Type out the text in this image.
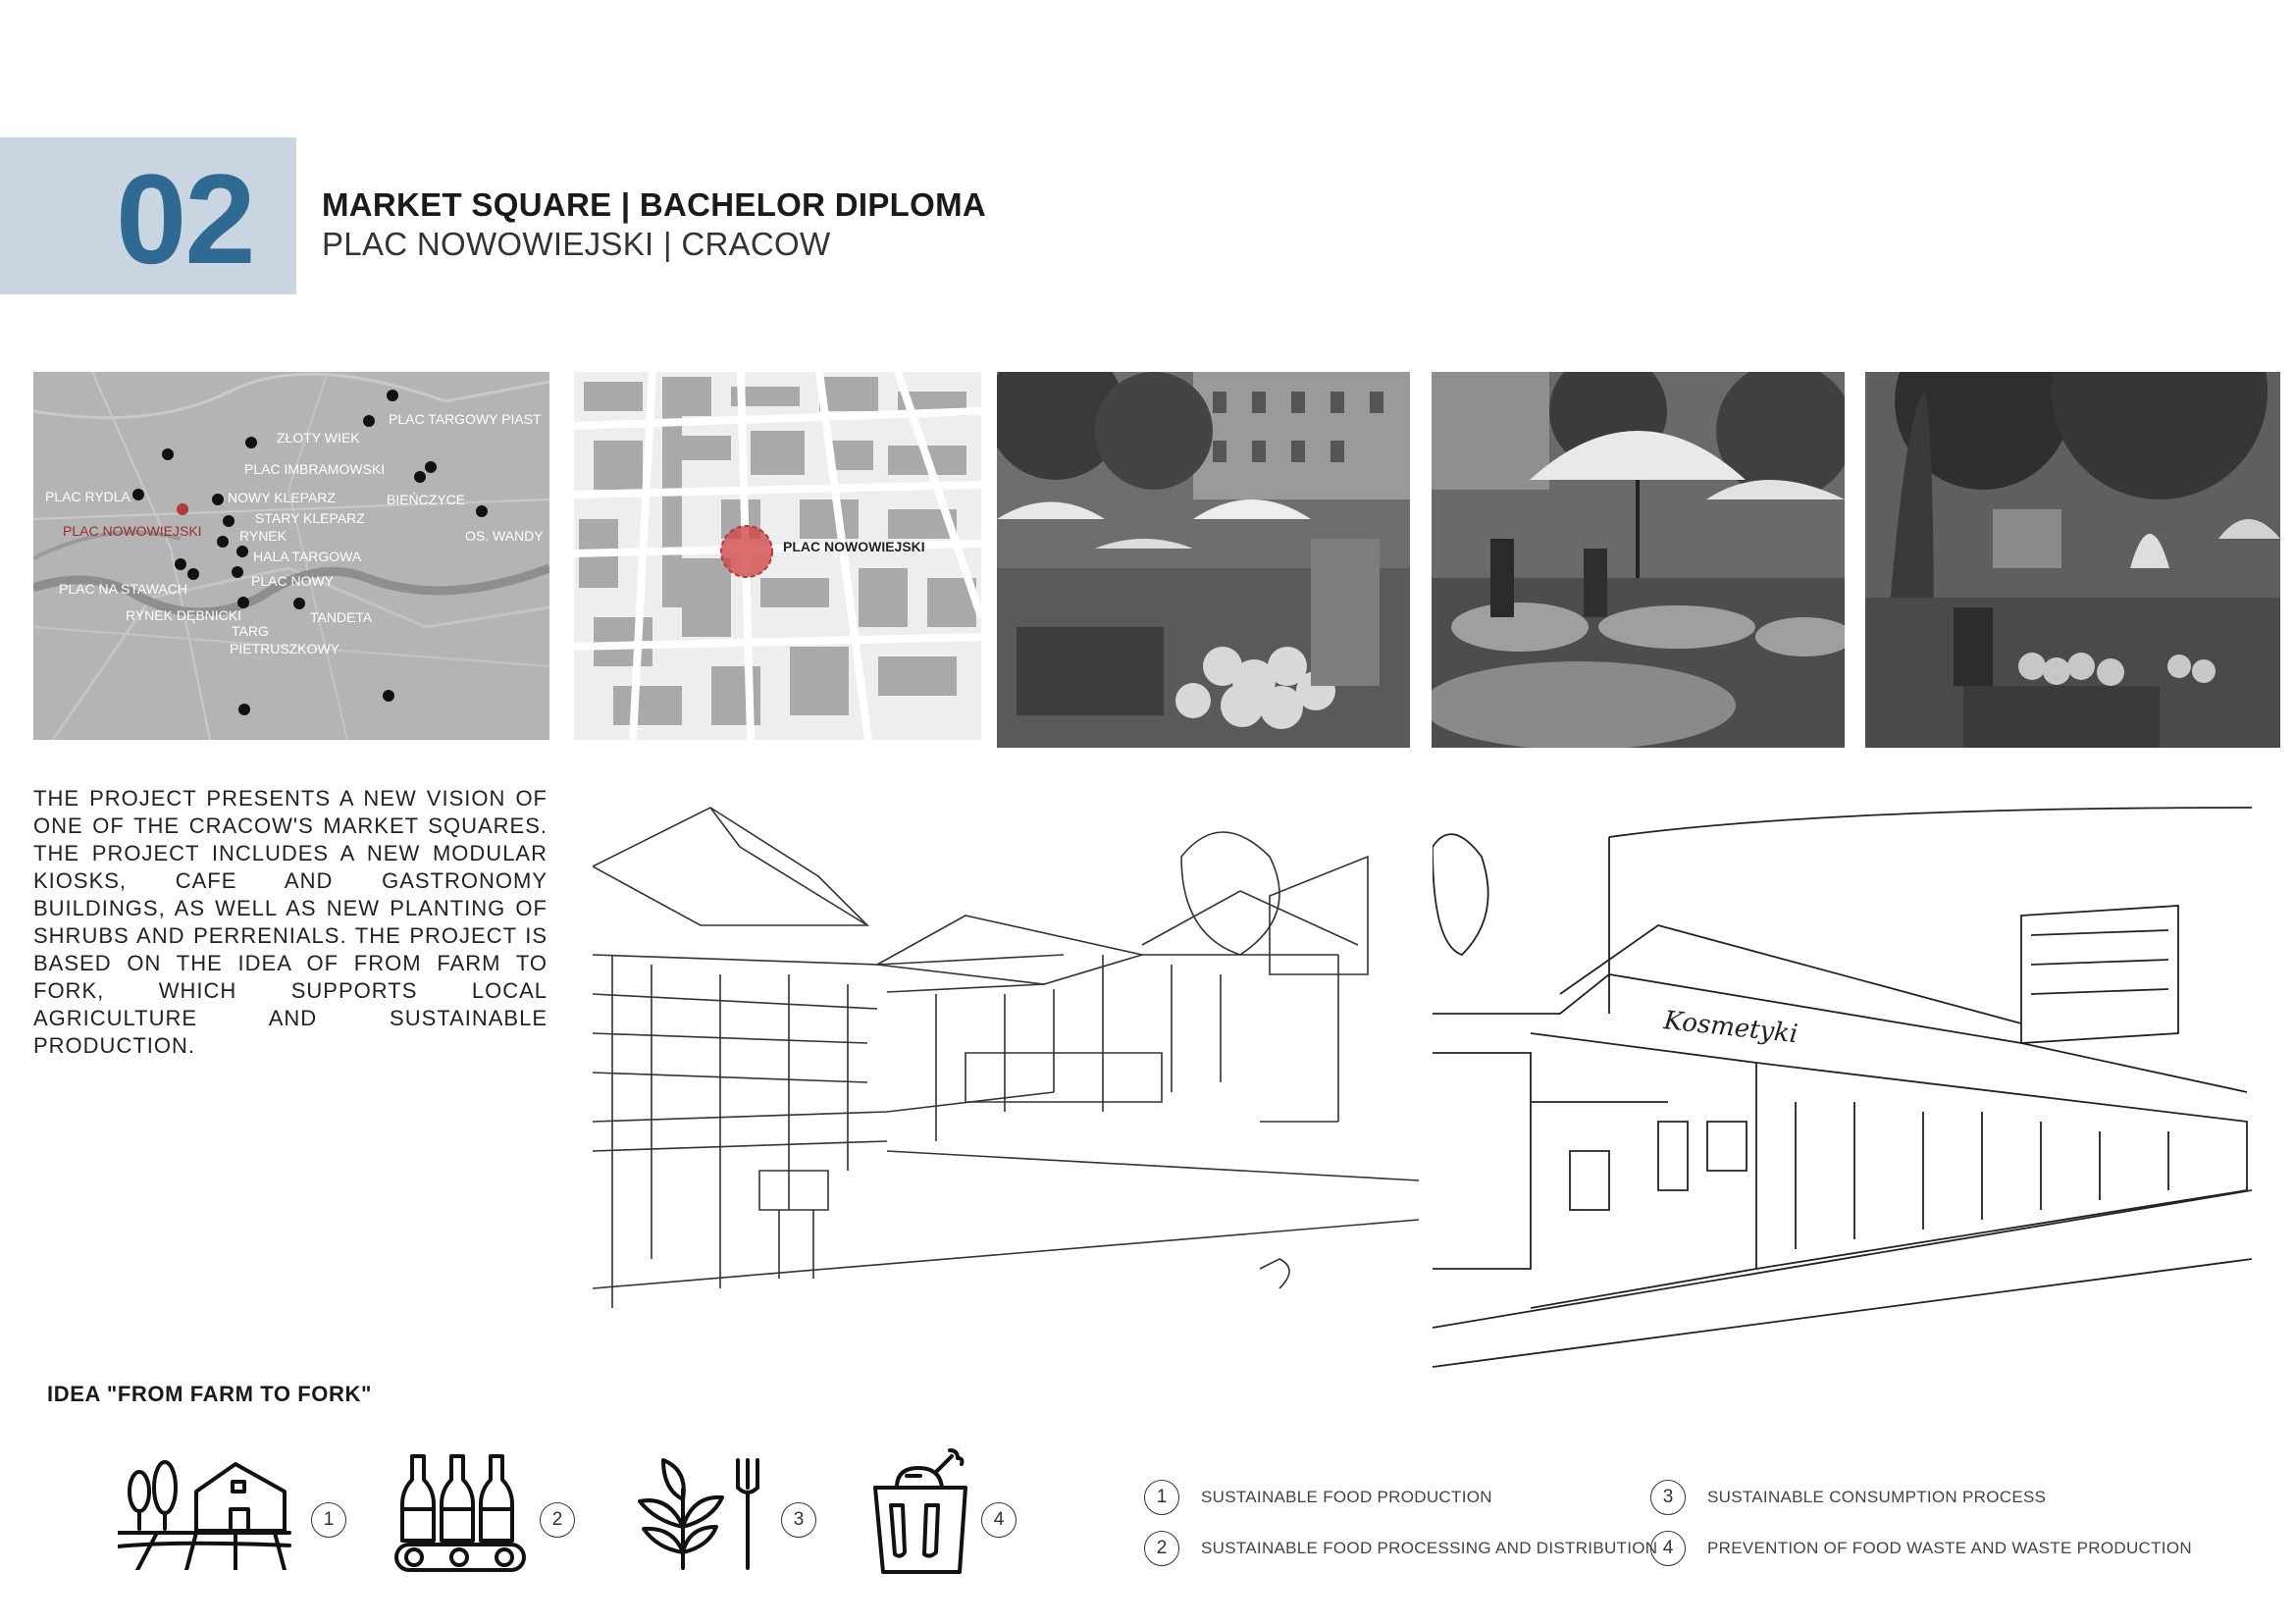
02 MARKET SQUARE | BACHELOR DIPLOMA
PLAC NOWOWIEJSKI | CRACOW
ZŁOTY WIEK
PLAC TARGOWY PIAST
PLAC IMBRAMOWSKI
PLAC RYDLA	NOWY KLEPARZ	BIEŃCZYCE
STARY KLEPARZ
PLAC NOWOWIEJSKI	RYNEK	OS. WANDY
HALA TARGOWA
PLAC NOWY
PLAC NA STAWACH
RYNEK DĘBNICKI	TANDETA
TARG
PIETRUSZKOWY
PLAC NOWOWIEJSKI
THE PROJECT PRESENTS A NEW VISION OF ONE OF THE CRACOW'S MARKET SQUARES. THE PROJECT INCLUDES A NEW MODULAR KIOSKS, CAFE AND GASTRONOMY BUILDINGS, AS WELL AS NEW PLANTING OF SHRUBS AND PERRENIALS. THE PROJECT IS BASED ON THE IDEA OF FROM FARM TO FORK, WHICH SUPPORTS LOCAL AGRICULTURE AND SUSTAINABLE PRODUCTION.	Kosmetyki
IDEA "FROM FARM TO FORK"
1	2	3	4
1	SUSTAINABLE FOOD PRODUCTION
2	SUSTAINABLE FOOD PROCESSING AND DISTRIBUTION
3	SUSTAINABLE CONSUMPTION PROCESS
4	PREVENTION OF FOOD WASTE AND WASTE PRODUCTION
